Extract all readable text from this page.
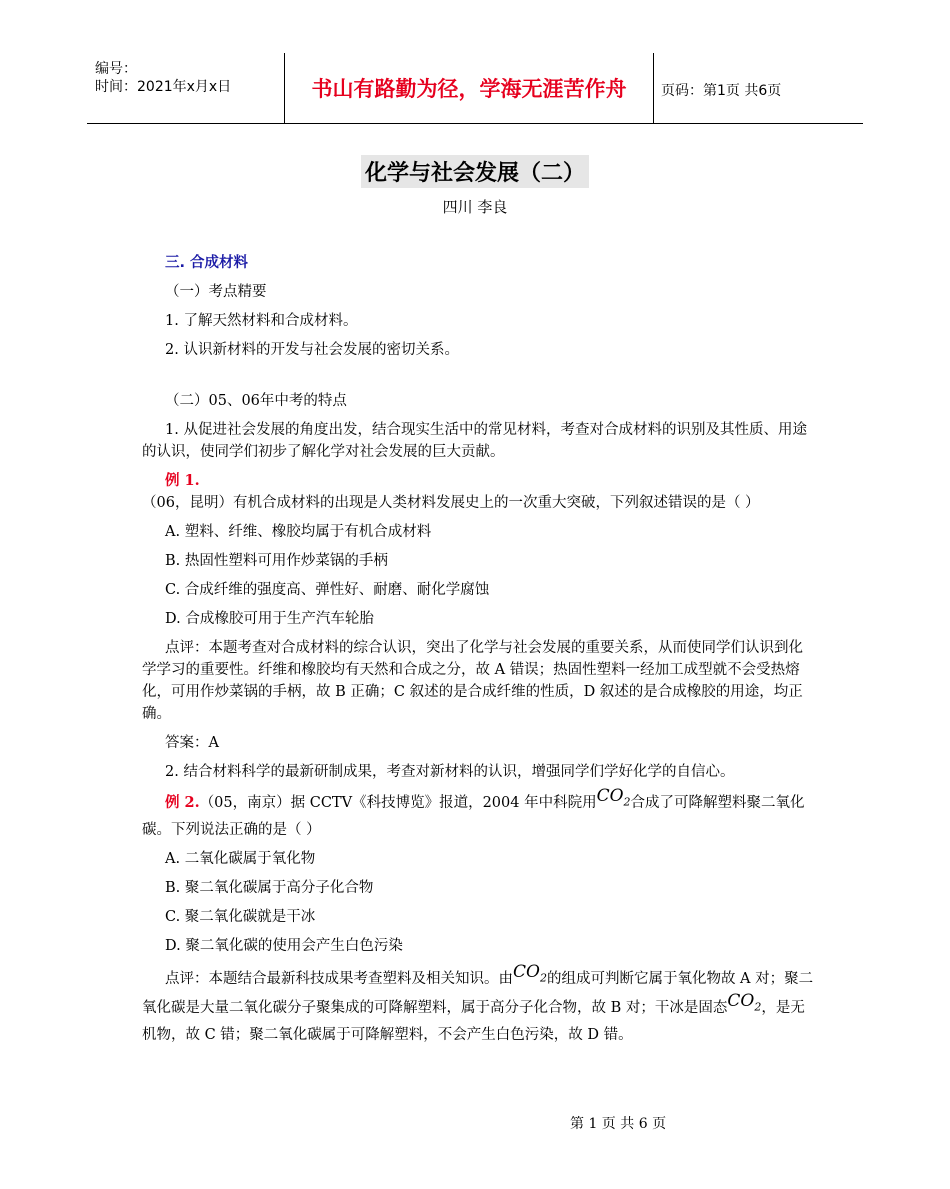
编号：
时间：2021年x月x日	书山有路勤为径，学海无涯苦作舟	页码：第1页 共6页
化学与社会发展（二）
四川 李良

三. 合成材料

（一）考点精要

1. 了解天然材料和合成材料。

2. 认识新材料的开发与社会发展的密切关系。

（二）05、06年中考的特点

1. 从促进社会发展的角度出发，结合现实生活中的常见材料，考查对合成材料的识别及其性质、用途的认识，使同学们初步了解化学对社会发展的巨大贡献。

例 1.（06，昆明）有机合成材料的出现是人类材料发展史上的一次重大突破，下列叙述错误的是（ ）

A. 塑料、纤维、橡胶均属于有机合成材料

B. 热固性塑料可用作炒菜锅的手柄

C. 合成纤维的强度高、弹性好、耐磨、耐化学腐蚀

D. 合成橡胶可用于生产汽车轮胎

点评：本题考查对合成材料的综合认识，突出了化学与社会发展的重要关系，从而使同学们认识到化学学习的重要性。纤维和橡胶均有天然和合成之分，故 A 错误；热固性塑料一经加工成型就不会受热熔化，可用作炒菜锅的手柄，故 B 正确；C 叙述的是合成纤维的性质，D 叙述的是合成橡胶的用途，均正确。

答案：A

2. 结合材料科学的最新研制成果，考查对新材料的认识，增强同学们学好化学的自信心。

例 2.（05，南京）据 CCTV《科技博览》报道，2004 年中科院用$CO_2$合成了可降解塑料聚二氧化碳。下列说法正确的是（ ）

A. 二氧化碳属于氧化物

B. 聚二氧化碳属于高分子化合物

C. 聚二氧化碳就是干冰

D. 聚二氧化碳的使用会产生白色污染

点评：本题结合最新科技成果考查塑料及相关知识。由$CO_2$的组成可判断它属于氧化物故 A 对；聚二氧化碳是大量二氧化碳分子聚集成的可降解塑料，属于高分子化合物，故 B 对；干冰是固态$CO_2$，是无机物，故 C 错；聚二氧化碳属于可降解塑料，不会产生白色污染，故 D 错。

第 1 页 共 6 页
